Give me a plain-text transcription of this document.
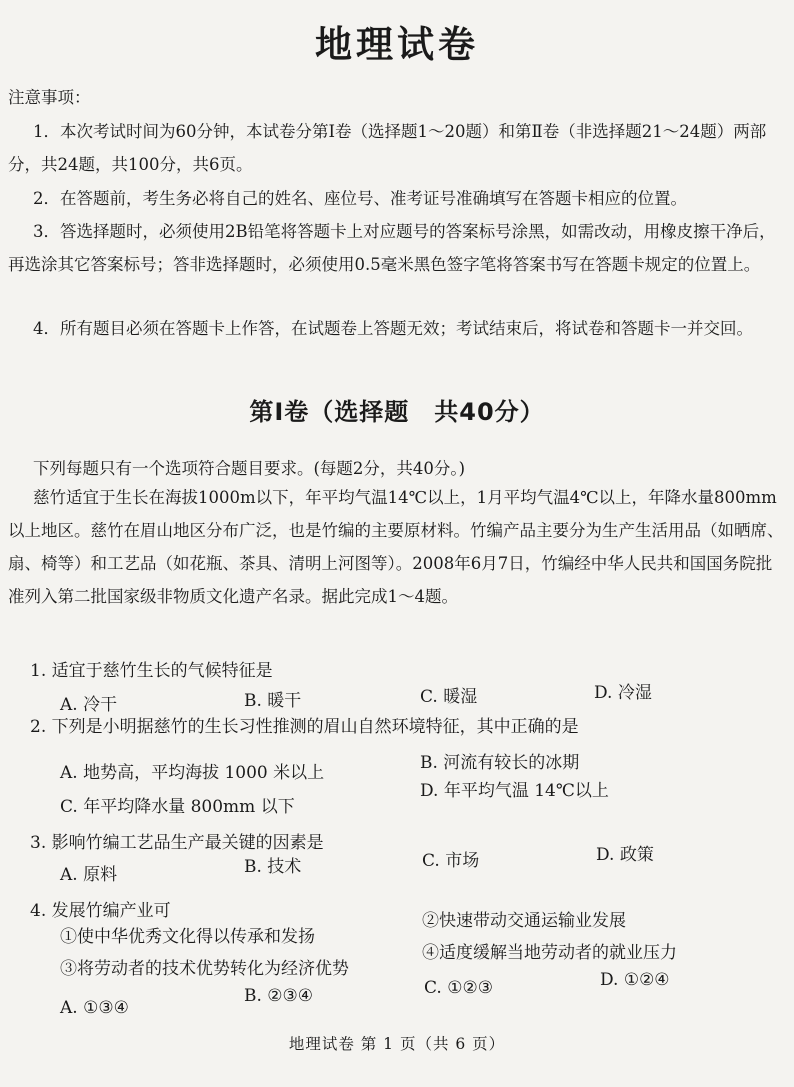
地理试卷
注意事项：

1．本次考试时间为60分钟，本试卷分第Ⅰ卷（选择题1～20题）和第Ⅱ卷（非选择题21～24题）两部分，共24题，共100分，共6页。

2．在答题前，考生务必将自己的姓名、座位号、准考证号准确填写在答题卡相应的位置。

3．答选择题时，必须使用2B铅笔将答题卡上对应题号的答案标号涂黑，如需改动，用橡皮擦干净后，再选涂其它答案标号；答非选择题时，必须使用0.5毫米黑色签字笔将答案书写在答题卡规定的位置上。

4．所有题目必须在答题卡上作答，在试题卷上答题无效；考试结束后，将试卷和答题卡一并交回。

第Ⅰ卷（选择题　共40分）

下列每题只有一个选项符合题目要求。(每题2分，共40分。)

慈竹适宜于生长在海拔1000m以下，年平均气温14℃以上，1月平均气温4℃以上，年降水量800mm以上地区。慈竹在眉山地区分布广泛，也是竹编的主要原材料。竹编产品主要分为生产生活用品（如晒席、扇、椅等）和工艺品（如花瓶、茶具、清明上河图等）。2008年6月7日，竹编经中华人民共和国国务院批准列入第二批国家级非物质文化遗产名录。据此完成1～4题。

1. 适宜于慈竹生长的气候特征是
A. 冷干	B. 暖干	C. 暖湿	D. 冷湿
2. 下列是小明据慈竹的生长习性推测的眉山自然环境特征，其中正确的是
A. 地势高，平均海拔 1000 米以上	B. 河流有较长的冰期
C. 年平均降水量 800mm 以下
D. 年平均气温 14℃以上
3. 影响竹编工艺品生产最关键的因素是
A. 原料	B. 技术	C. 市场	D. 政策
4. 发展竹编产业可
①使中华优秀文化得以传承和发扬
②快速带动交通运输业发展
③将劳动者的技术优势转化为经济优势
④适度缓解当地劳动者的就业压力
A. ①③④
B. ②③④	C. ①②③	D. ①②④
地理试卷 第 1 页（共 6 页）
